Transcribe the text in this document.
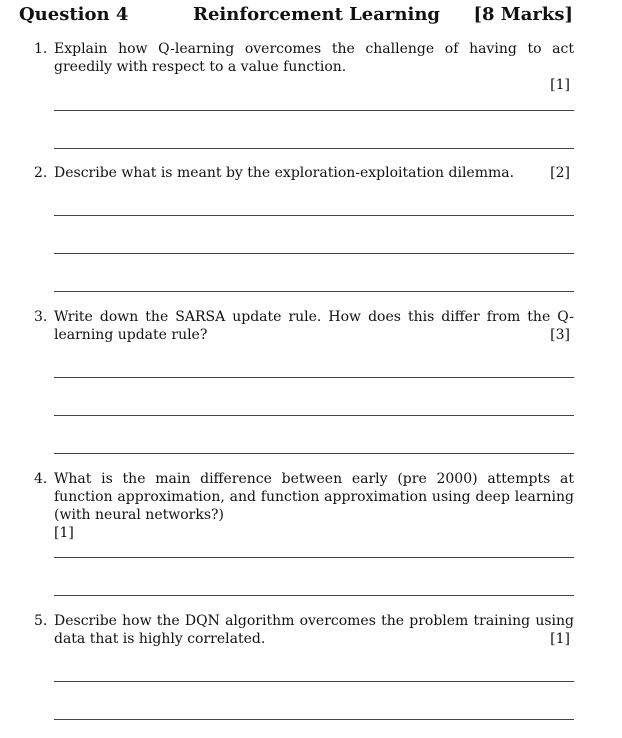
Question 4	Reinforcement Learning [8 Marks]
1. Explain how Q-learning overcomes the challenge of having to act greedily with respect to a value function.
[1]
2. Describe what is meant by the exploration-exploitation dilemma.	[2]
3. Write down the SARSA update rule. How does this differ from the Q-learning update rule?	[3]
4. What is the main difference between early (pre 2000) attempts at function approximation, and function approximation using deep learning (with neural networks?)
[1]
5. Describe how the DQN algorithm overcomes the problem training using data that is highly correlated.	[1]
